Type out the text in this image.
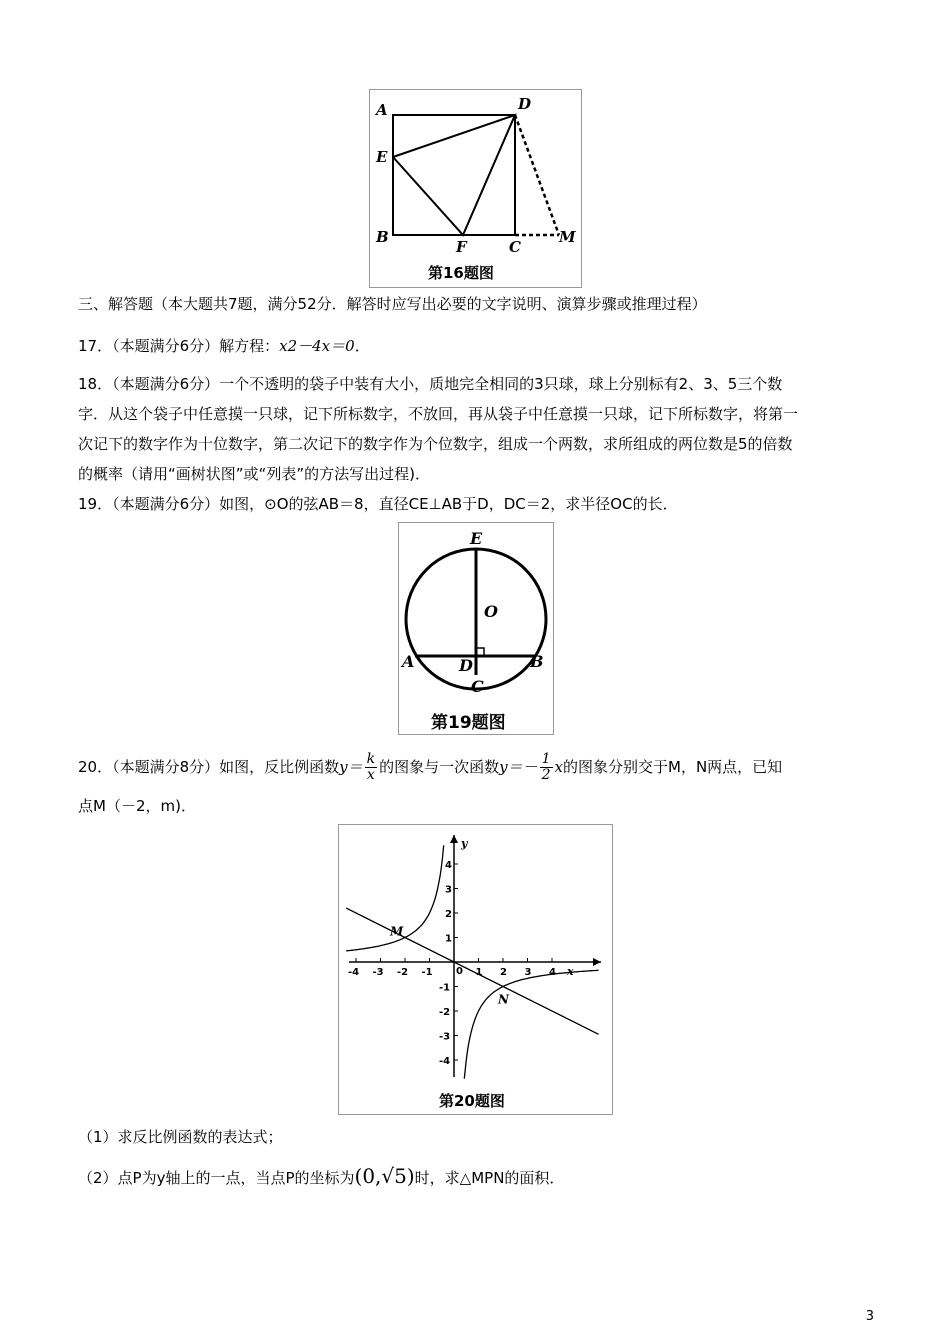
A	D
E
B
F	C
M
第16题图
三、解答题（本大题共7题，满分52分．解答时应写出必要的文字说明、演算步骤或推理过程）
17．（本题满分6分）解方程：x2－4x＝0．
18．（本题满分6分）一个不透明的袋子中装有大小，质地完全相同的3只球，球上分别标有2、3、5三个数
字．从这个袋子中任意摸一只球，记下所标数字，不放回，再从袋子中任意摸一只球，记下所标数字，将第一
次记下的数字作为十位数字，第二次记下的数字作为个位数字，组成一个两数，求所组成的两位数是5的倍数
的概率（请用“画树状图”或“列表”的方法写出过程)．
19．（本题满分6分）如图，⊙O的弦AB＝8，直径CE⊥AB于D，DC＝2，求半径OC的长．
E
O
A	B
D
C
第19题图
20．（本题满分8分）如图，反比例函数$y= \frac{k}{x}$ 的图象与一次函数$y=- \frac{1}{2}$ x的图象分别交于M，N两点，已知
点M（－2，m)．
-4 -3 -2 -1	1 2 3 4
4
3
2
1
-1
-2
-3
-4
0	x
y
M
N
第20题图
（1）求反比例函数的表达式；
（2）点P为y轴上的一点，当点P的坐标为(0,√5)时，求△MPN的面积．
3
